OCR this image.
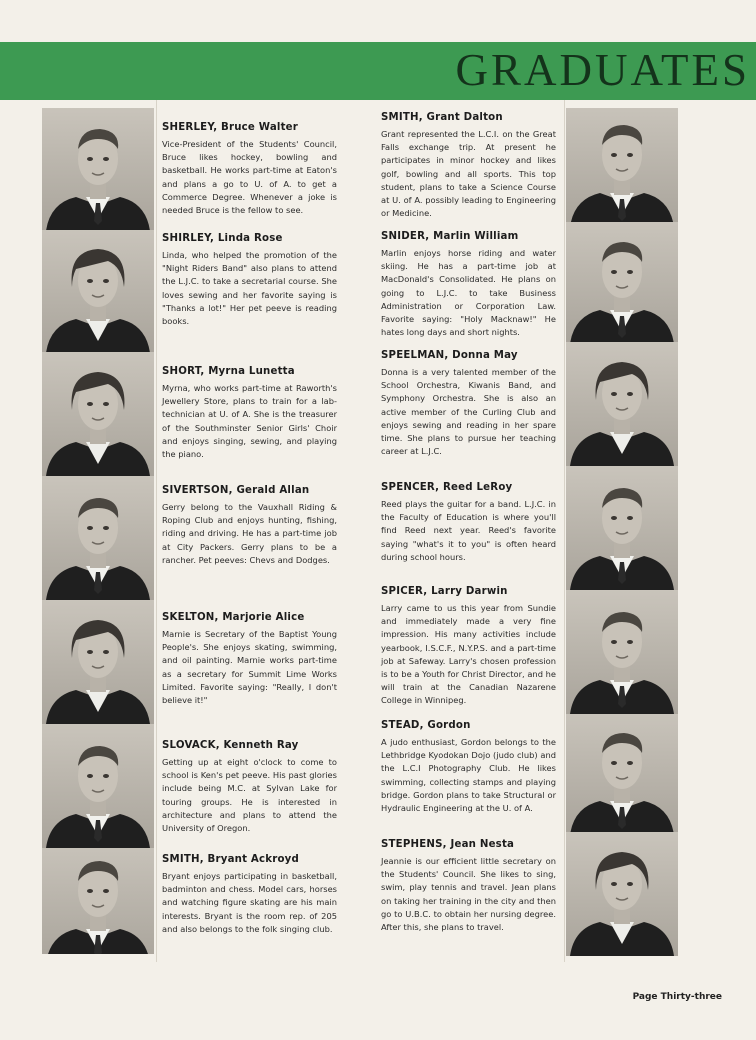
GRADUATES

SHERLEY, Bruce Walter

Vice-President of the Students' Council, Bruce likes hockey, bowling and basketball. He works part-time at Eaton's and plans a go to U. of A. to get a Commerce Degree. Whenever a joke is needed Bruce is the fellow to see.

SHIRLEY, Linda Rose

Linda, who helped the promotion of the "Night Riders Band" also plans to attend the L.J.C. to take a secretarial course. She loves sewing and her favorite saying is "Thanks a lot!" Her pet peeve is reading books.

SHORT, Myrna Lunetta

Myrna, who works part-time at Raworth's Jewellery Store, plans to train for a lab-technician at U. of A. She is the treasurer of the Southminster Senior Girls' Choir and enjoys singing, sewing, and playing the piano.

SIVERTSON, Gerald Allan

Gerry belong to the Vauxhall Riding & Roping Club and enjoys hunting, fishing, riding and driving. He has a part-time job at City Packers. Gerry plans to be a rancher. Pet peeves: Chevs and Dodges.

SKELTON, Marjorie Alice

Marnie is Secretary of the Baptist Young People's. She enjoys skating, swimming, and oil painting. Marnie works part-time as a secretary for Summit Lime Works Limited. Favorite saying: "Really, I don't believe it!"

SLOVACK, Kenneth Ray

Getting up at eight o'clock to come to school is Ken's pet peeve. His past glories include being M.C. at Sylvan Lake for touring groups. He is interested in architecture and plans to attend the University of Oregon.

SMITH, Bryant Ackroyd

Bryant enjoys participating in basketball, badminton and chess. Model cars, horses and watching figure skating are his main interests. Bryant is the room rep. of 205 and also belongs to the folk singing club.

SMITH, Grant Dalton

Grant represented the L.C.I. on the Great Falls exchange trip. At present he participates in minor hockey and likes golf, bowling and all sports. This top student, plans to take a Science Course at U. of A. possibly leading to Engineering or Medicine.

SNIDER, Marlin William

Marlin enjoys horse riding and water skiing. He has a part-time job at MacDonald's Consolidated. He plans on going to L.J.C. to take Business Administration or Corporation Law. Favorite saying: "Holy Macknaw!" He hates long days and short nights.

SPEELMAN, Donna May

Donna is a very talented member of the School Orchestra, Kiwanis Band, and Symphony Orchestra. She is also an active member of the Curling Club and enjoys sewing and reading in her spare time. She plans to pursue her teaching career at L.J.C.

SPENCER, Reed LeRoy

Reed plays the guitar for a band. L.J.C. in the Faculty of Education is where you'll find Reed next year. Reed's favorite saying "what's it to you" is often heard during school hours.

SPICER, Larry Darwin

Larry came to us this year from Sundie and immediately made a very fine impression. His many activities include yearbook, I.S.C.F., N.Y.P.S. and a part-time job at Safeway. Larry's chosen profession is to be a Youth for Christ Director, and he will train at the Canadian Nazarene College in Winnipeg.

STEAD, Gordon

A judo enthusiast, Gordon belongs to the Lethbridge Kyodokan Dojo (judo club) and the L.C.I Photography Club. He likes swimming, collecting stamps and playing bridge. Gordon plans to take Structural or Hydraulic Engineering at the U. of A.

STEPHENS, Jean Nesta

Jeannie is our efficient little secretary on the Students' Council. She likes to sing, swim, play tennis and travel. Jean plans on taking her training in the city and then go to U.B.C. to obtain her nursing degree. After this, she plans to travel.

Page Thirty-three
